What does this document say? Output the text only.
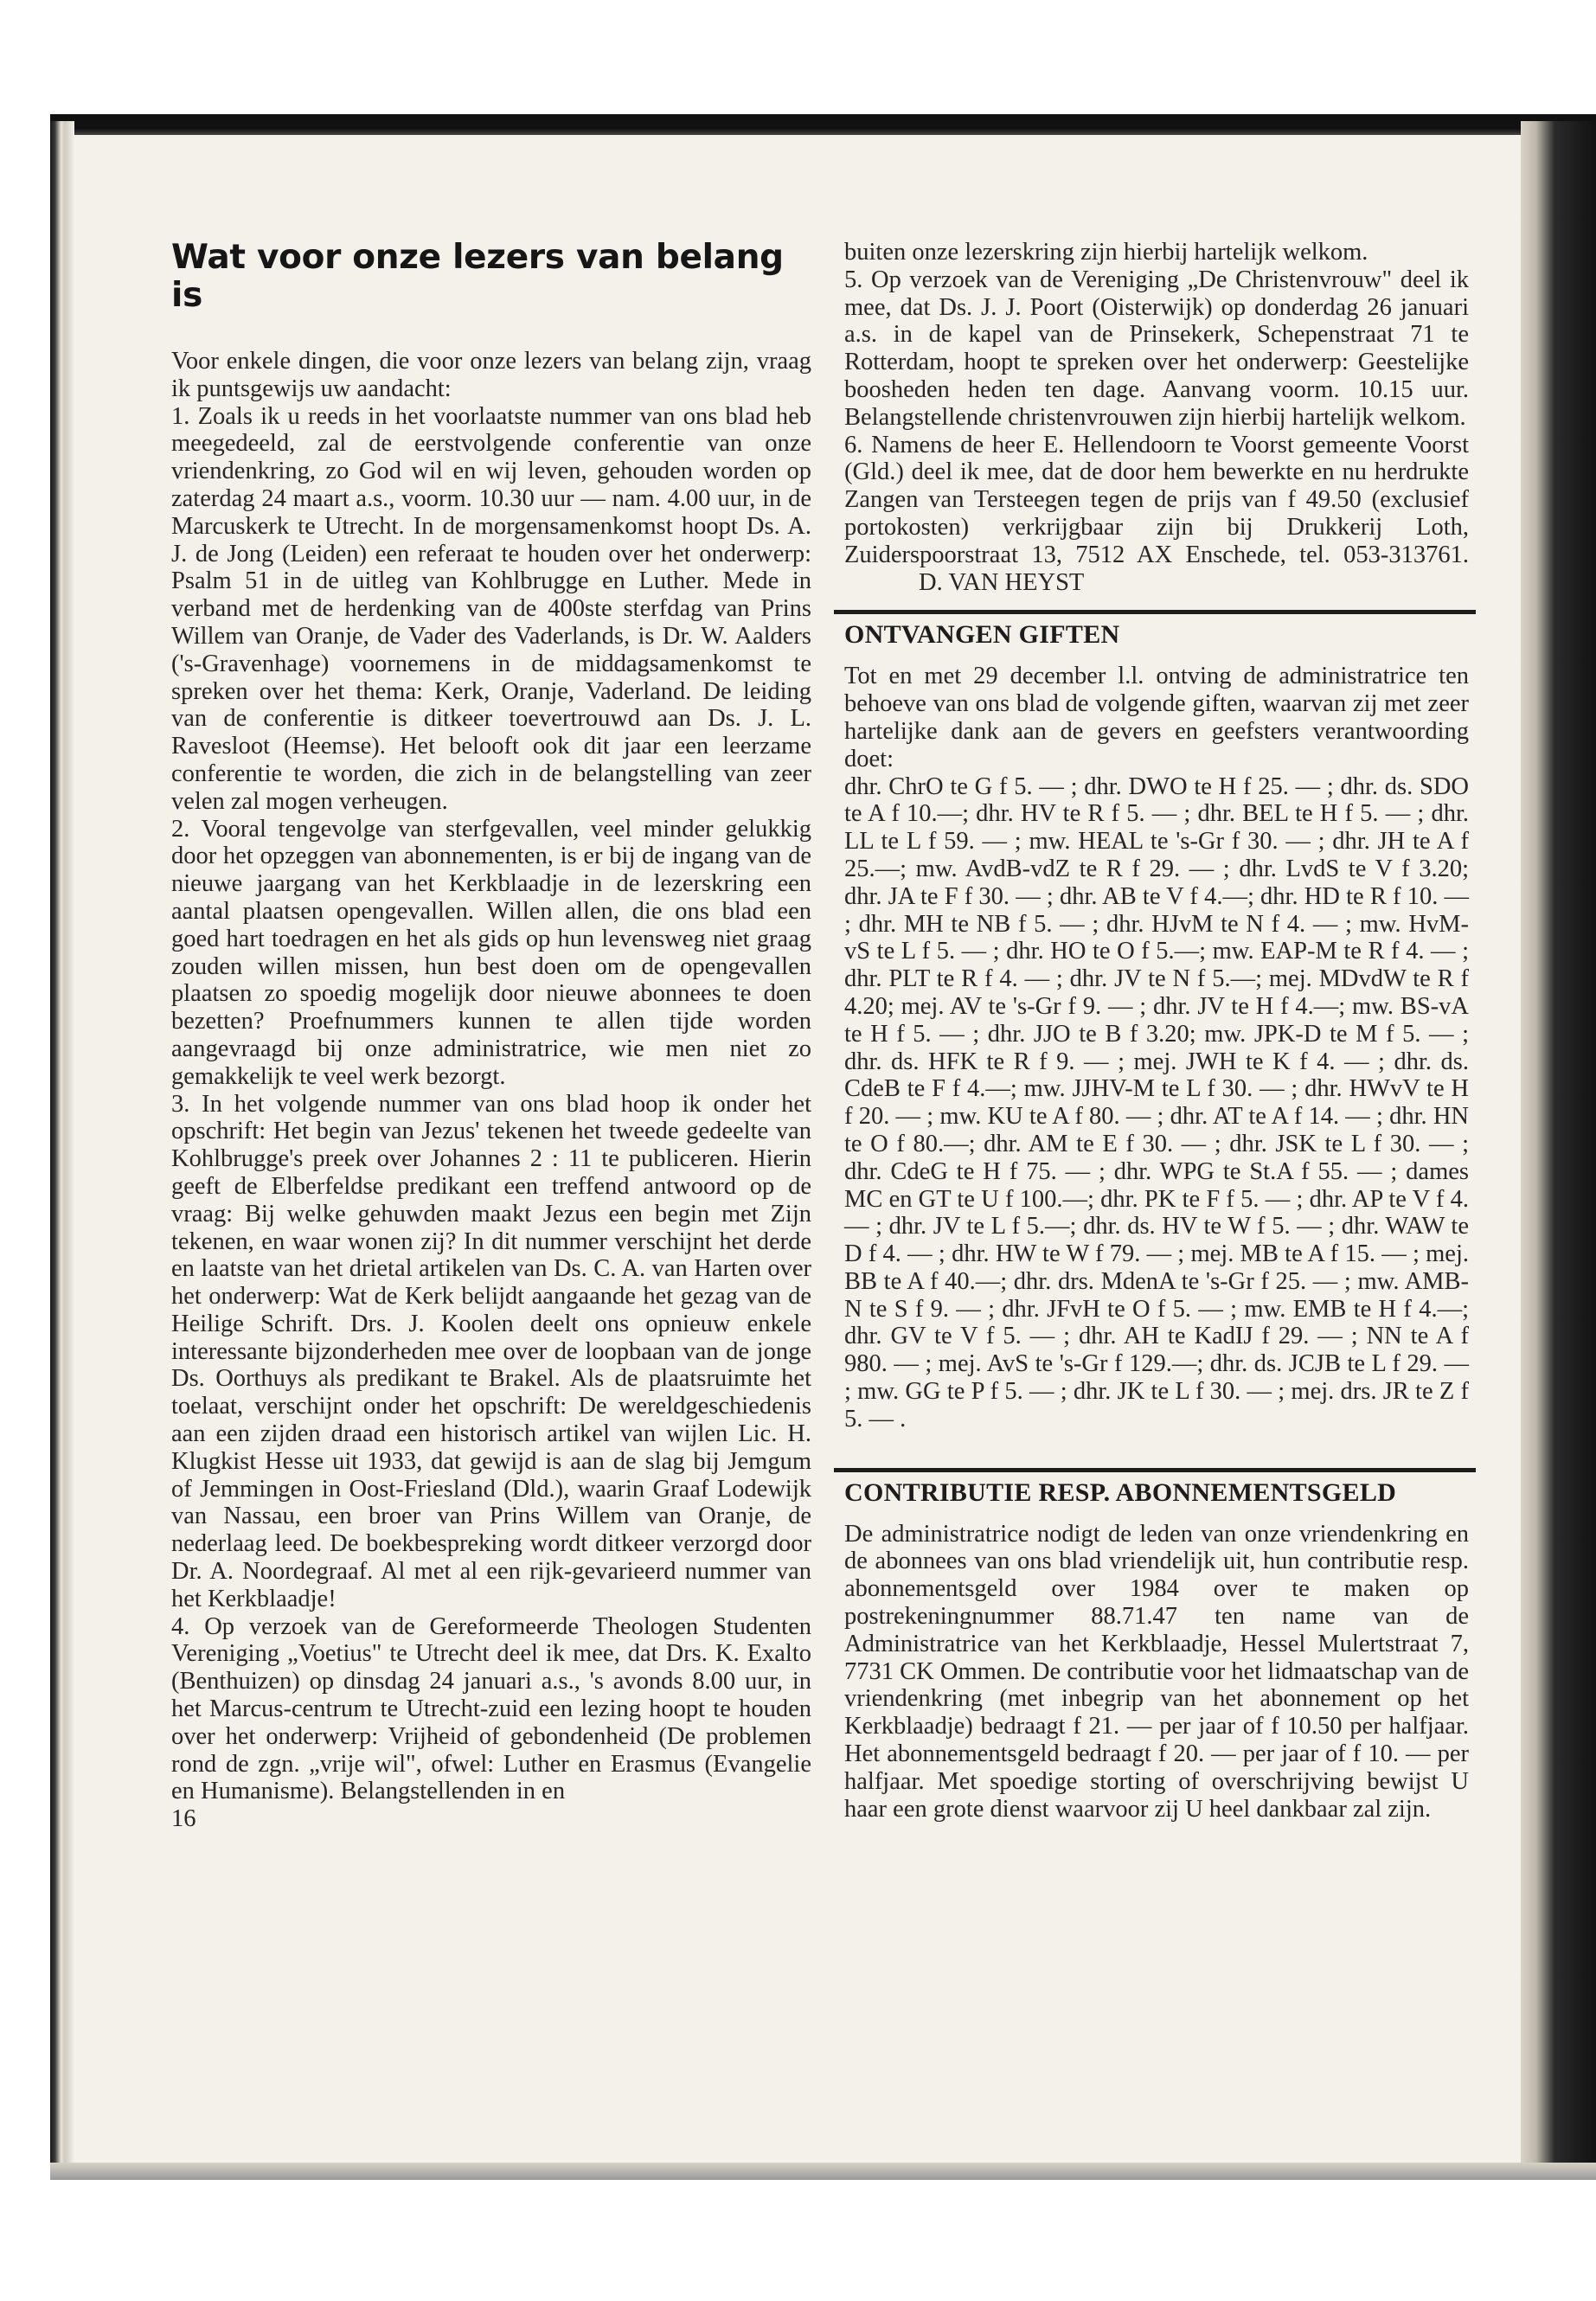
Wat voor onze lezers van belang is

Voor enkele dingen, die voor onze lezers van belang zijn, vraag ik puntsgewijs uw aandacht:

1. Zoals ik u reeds in het voorlaatste nummer van ons blad heb meegedeeld, zal de eerstvolgende conferentie van onze vriendenkring, zo God wil en wij leven, gehouden worden op zaterdag 24 maart a.s., voorm. 10.30 uur — nam. 4.00 uur, in de Marcuskerk te Utrecht. In de morgensamenkomst hoopt Ds. A. J. de Jong (Leiden) een referaat te houden over het onderwerp: Psalm 51 in de uitleg van Kohlbrugge en Luther. Mede in verband met de herdenking van de 400ste sterfdag van Prins Willem van Oranje, de Vader des Vaderlands, is Dr. W. Aalders ('s-Gravenhage) voornemens in de middagsamenkomst te spreken over het thema: Kerk, Oranje, Vaderland. De leiding van de conferentie is ditkeer toevertrouwd aan Ds. J. L. Ravesloot (Heemse). Het belooft ook dit jaar een leerzame conferentie te worden, die zich in de belangstelling van zeer velen zal mogen verheugen.

2. Vooral tengevolge van sterfgevallen, veel minder gelukkig door het opzeggen van abonnementen, is er bij de ingang van de nieuwe jaargang van het Kerkblaadje in de lezerskring een aantal plaatsen opengevallen. Willen allen, die ons blad een goed hart toedragen en het als gids op hun levensweg niet graag zouden willen missen, hun best doen om de opengevallen plaatsen zo spoedig mogelijk door nieuwe abonnees te doen bezetten? Proefnummers kunnen te allen tijde worden aangevraagd bij onze administratrice, wie men niet zo gemakkelijk te veel werk bezorgt.

3. In het volgende nummer van ons blad hoop ik onder het opschrift: Het begin van Jezus' tekenen het tweede gedeelte van Kohlbrugge's preek over Johannes 2 : 11 te publiceren. Hierin geeft de Elberfeldse predikant een treffend antwoord op de vraag: Bij welke gehuwden maakt Jezus een begin met Zijn tekenen, en waar wonen zij? In dit nummer verschijnt het derde en laatste van het drietal artikelen van Ds. C. A. van Harten over het onderwerp: Wat de Kerk belijdt aangaande het gezag van de Heilige Schrift. Drs. J. Koolen deelt ons opnieuw enkele interessante bijzonderheden mee over de loopbaan van de jonge Ds. Oorthuys als predikant te Brakel. Als de plaatsruimte het toelaat, verschijnt onder het opschrift: De wereldgeschiedenis aan een zijden draad een historisch artikel van wijlen Lic. H. Klugkist Hesse uit 1933, dat gewijd is aan de slag bij Jemgum of Jemmingen in Oost-Friesland (Dld.), waarin Graaf Lodewijk van Nassau, een broer van Prins Willem van Oranje, de nederlaag leed. De boekbespreking wordt ditkeer verzorgd door Dr. A. Noordegraaf. Al met al een rijk-gevarieerd nummer van het Kerkblaadje!

4. Op verzoek van de Gereformeerde Theologen Studenten Vereniging „Voetius" te Utrecht deel ik mee, dat Drs. K. Exalto (Benthuizen) op dinsdag 24 januari a.s., 's avonds 8.00 uur, in het Marcus-centrum te Utrecht-zuid een lezing hoopt te houden over het onderwerp: Vrijheid of gebondenheid (De problemen rond de zgn. „vrije wil", ofwel: Luther en Erasmus (Evangelie en Humanisme). Belangstellenden in en

16

buiten onze lezerskring zijn hierbij hartelijk welkom.

5. Op verzoek van de Vereniging „De Christenvrouw" deel ik mee, dat Ds. J. J. Poort (Oisterwijk) op donderdag 26 januari a.s. in de kapel van de Prinsekerk, Schepenstraat 71 te Rotterdam, hoopt te spreken over het onderwerp: Geestelijke boosheden heden ten dage. Aanvang voorm. 10.15 uur. Belangstellende christenvrouwen zijn hierbij hartelijk welkom.

6. Namens de heer E. Hellendoorn te Voorst gemeente Voorst (Gld.) deel ik mee, dat de door hem bewerkte en nu herdrukte Zangen van Tersteegen tegen de prijs van f 49.50 (exclusief portokosten) verkrijgbaar zijn bij Drukkerij Loth, Zuiderspoorstraat 13, 7512 AX Enschede, tel. 053-313761.D. VAN HEYST

ONTVANGEN GIFTEN

Tot en met 29 december l.l. ontving de administratrice ten behoeve van ons blad de volgende giften, waarvan zij met zeer hartelijke dank aan de gevers en geefsters verantwoording doet:

dhr. ChrO te G f 5. — ; dhr. DWO te H f 25. — ; dhr. ds. SDO te A f 10.—; dhr. HV te R f 5. — ; dhr. BEL te H f 5. — ; dhr. LL te L f 59. — ; mw. HEAL te 's-Gr f 30. — ; dhr. JH te A f 25.—; mw. AvdB-vdZ te R f 29. — ; dhr. LvdS te V f 3.20; dhr. JA te F f 30. — ; dhr. AB te V f 4.—; dhr. HD te R f 10. — ; dhr. MH te NB f 5. — ; dhr. HJvM te N f 4. — ; mw. HvM-vS te L f 5. — ; dhr. HO te O f 5.—; mw. EAP-M te R f 4. — ; dhr. PLT te R f 4. — ; dhr. JV te N f 5.—; mej. MDvdW te R f 4.20; mej. AV te 's-Gr f 9. — ; dhr. JV te H f 4.—; mw. BS-vA te H f 5. — ; dhr. JJO te B f 3.20; mw. JPK-D te M f 5. — ; dhr. ds. HFK te R f 9. — ; mej. JWH te K f 4. — ; dhr. ds. CdeB te F f 4.—; mw. JJHV-M te L f 30. — ; dhr. HWvV te H f 20. — ; mw. KU te A f 80. — ; dhr. AT te A f 14. — ; dhr. HN te O f 80.—; dhr. AM te E f 30. — ; dhr. JSK te L f 30. — ; dhr. CdeG te H f 75. — ; dhr. WPG te St.A f 55. — ; dames MC en GT te U f 100.—; dhr. PK te F f 5. — ; dhr. AP te V f 4. — ; dhr. JV te L f 5.—; dhr. ds. HV te W f 5. — ; dhr. WAW te D f 4. — ; dhr. HW te W f 79. — ; mej. MB te A f 15. — ; mej. BB te A f 40.—; dhr. drs. MdenA te 's-Gr f 25. — ; mw. AMB-N te S f 9. — ; dhr. JFvH te O f 5. — ; mw. EMB te H f 4.—; dhr. GV te V f 5. — ; dhr. AH te KadIJ f 29. — ; NN te A f 980. — ; mej. AvS te 's-Gr f 129.—; dhr. ds. JCJB te L f 29. — ; mw. GG te P f 5. — ; dhr. JK te L f 30. — ; mej. drs. JR te Z f 5. — .

CONTRIBUTIE RESP. ABONNEMENTSGELD

De administratrice nodigt de leden van onze vriendenkring en de abonnees van ons blad vriendelijk uit, hun contributie resp. abonnementsgeld over 1984 over te maken op postrekeningnummer 88.71.47 ten name van de Administratrice van het Kerkblaadje, Hessel Mulertstraat 7, 7731 CK Ommen. De contributie voor het lidmaatschap van de vriendenkring (met inbegrip van het abonnement op het Kerkblaadje) bedraagt f 21. — per jaar of f 10.50 per halfjaar. Het abonnementsgeld bedraagt f 20. — per jaar of f 10. — per halfjaar. Met spoedige storting of overschrijving bewijst U haar een grote dienst waarvoor zij U heel dankbaar zal zijn.
